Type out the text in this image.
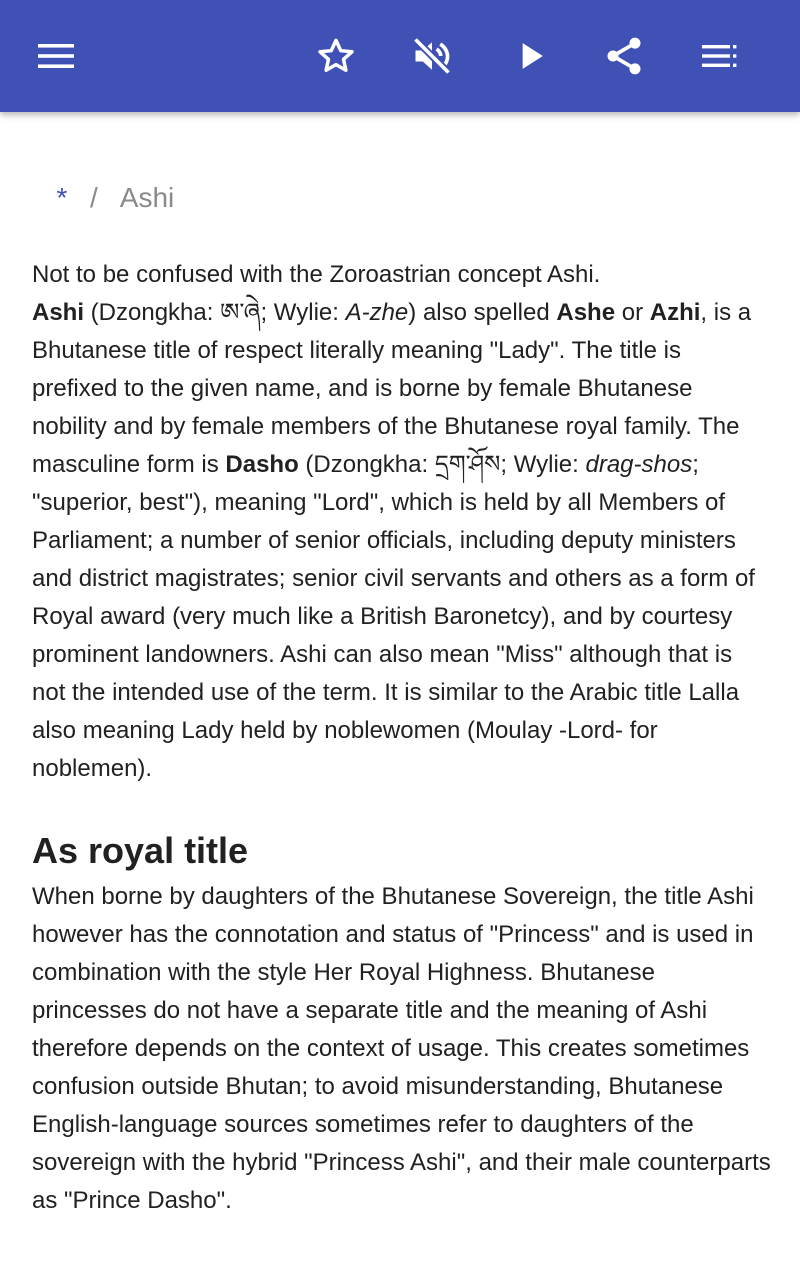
* / Ashi

Not to be confused with the Zoroastrian concept Ashi.

Ashi (Dzongkha: ཨ་ཞེ; Wylie: A-zhe) also spelled Ashe or Azhi, is a Bhutanese title of respect literally meaning "Lady". The title is prefixed to the given name, and is borne by female Bhutanese nobility and by female members of the Bhutanese royal family. The masculine form is Dasho (Dzongkha: དྲག་ཤོས; Wylie: drag-shos; "superior, best"), meaning "Lord", which is held by all Members of Parliament; a number of senior officials, including deputy ministers and district magistrates; senior civil servants and others as a form of Royal award (very much like a British Baronetcy), and by courtesy prominent landowners. Ashi can also mean "Miss" although that is not the intended use of the term. It is similar to the Arabic title Lalla also meaning Lady held by noblewomen (Moulay -Lord- for noblemen).

As royal title

When borne by daughters of the Bhutanese Sovereign, the title Ashi however has the connotation and status of "Princess" and is used in combination with the style Her Royal Highness. Bhutanese princesses do not have a separate title and the meaning of Ashi therefore depends on the context of usage. This creates sometimes confusion outside Bhutan; to avoid misunderstanding, Bhutanese English-language sources sometimes refer to daughters of the sovereign with the hybrid "Princess Ashi", and their male counterparts as "Prince Dasho".
